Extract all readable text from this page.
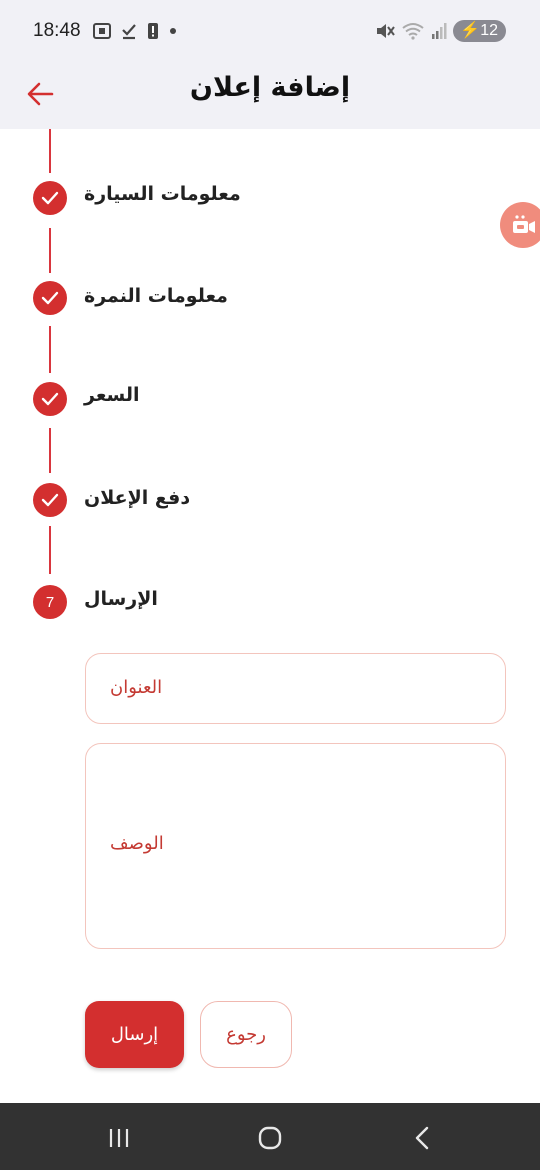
18:48	⚡12
إضافة إعلان
معلومات السيارة
معلومات النمرة
السعر
دفع الإعلان
7 الإرسال
العنوان
الوصف
إرسال	رجوع
